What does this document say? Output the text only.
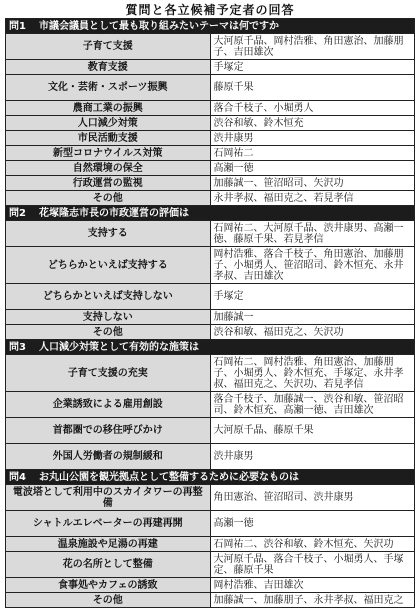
質問と各立候補予定者の回答
問1 市議会議員として最も取り組みたいテーマは何ですか	
子育て支援	大河原千晶、岡村浩雅、角田憲治、加藤朋子、吉田雄次
教育支援	手塚定
文化・芸術・スポーツ振興	藤原千果
農商工業の振興	落合千枝子、小堀勇人
人口減少対策	渋谷和敏、鈴木恒充
市民活動支援	渋井康男
新型コロナウイルス対策	石岡祐二
自然環境の保全	高瀬一徳
行政運営の監視	加藤誠一、笹沼昭司、矢沢功
その他	永井孝叔、福田克之、若見孝信
問2 花塚隆志市長の市政運営の評価は	
支持する	石岡祐二、大河原千晶、渋井康男、高瀬一徳、藤原千果、若見孝信
どちらかといえば支持する	岡村浩雅、落合千枝子、角田憲治、加藤朋子、小堀勇人、笹沼昭司、鈴木恒充、永井孝叔、吉田雄次
どちらかといえば支持しない	手塚定
支持しない	加藤誠一
その他	渋谷和敏、福田克之、矢沢功
問3 人口減少対策として有効的な施策は	
子育て支援の充実	石岡祐二、岡村浩雅、角田憲治、加藤朋子、小堀勇人、鈴木恒充、手塚定、永井孝叔、福田克之、矢沢功、若見孝信
企業誘致による雇用創設	落合千枝子、加藤誠一、渋谷和敏、笹沼昭司、鈴木恒充、高瀬一徳、吉田雄次
首都圏での移住呼びかけ	大河原千晶、藤原千果
外国人労働者の規制緩和	渋井康男
問4 お丸山公園を観光拠点として整備するために必要なものは	
電波塔として利用中のスカイタワーの再整備	角田憲治、笹沼昭司、渋井康男
シャトルエレベーターの再建再開	高瀬一徳
温泉施設や足湯の再建	石岡祐二、渋谷和敏、鈴木恒充、矢沢功
花の名所として整備	大河原千晶、落合千枝子、小堀勇人、手塚定、藤原千果
食事処やカフェの誘致	岡村浩雅、吉田雄次
その他	加藤誠一、加藤朋子、永井孝叔、福田克之
